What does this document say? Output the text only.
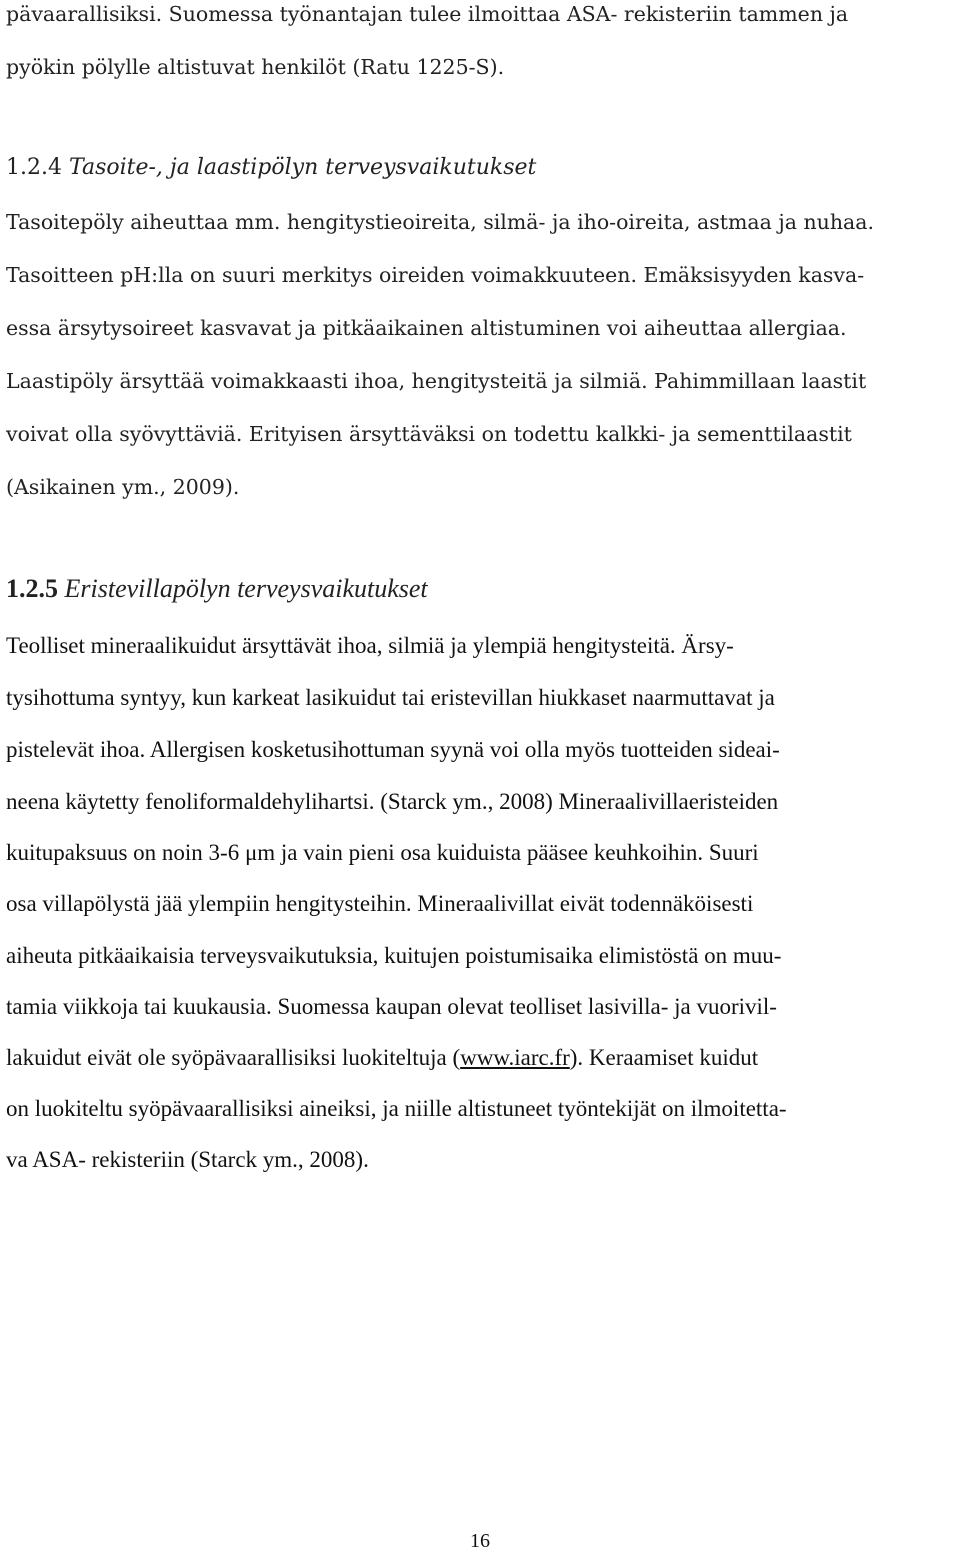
pävaarallisiksi. Suomessa työnantajan tulee ilmoittaa ASA- rekisteriin tammen ja
pyökin pölylle altistuvat henkilöt (Ratu 1225-S).
1.2.4 Tasoite-, ja laastipölyn terveysvaikutukset
Tasoitepöly aiheuttaa mm. hengitystieoireita, silmä- ja iho-oireita, astmaa ja nuhaa.
Tasoitteen pH:lla on suuri merkitys oireiden voimakkuuteen. Emäksisyyden kasva-
essa ärsytysoireet kasvavat ja pitkäaikainen altistuminen voi aiheuttaa allergiaa.
Laastipöly ärsyttää voimakkaasti ihoa, hengitysteitä ja silmiä. Pahimmillaan laastit
voivat olla syövyttäviä. Erityisen ärsyttäväksi on todettu kalkki- ja sementtilaastit
(Asikainen ym., 2009).
1.2.5 Eristevillapölyn terveysvaikutukset
Teolliset mineraalikuidut ärsyttävät ihoa, silmiä ja ylempiä hengitysteitä. Ärsy-
tysihottuma syntyy, kun karkeat lasikuidut tai eristevillan hiukkaset naarmuttavat ja
pistelevät ihoa. Allergisen kosketusihottuman syynä voi olla myös tuotteiden sideai-
neena käytetty fenoliformaldehylihartsi. (Starck ym., 2008) Mineraalivillaeristeiden
kuitupaksuus on noin 3-6 μm ja vain pieni osa kuiduista pääsee keuhkoihin. Suuri
osa villapölystä jää ylempiin hengitysteihin. Mineraalivillat eivät todennäköisesti
aiheuta pitkäaikaisia terveysvaikutuksia, kuitujen poistumisaika elimistöstä on muu-
tamia viikkoja tai kuukausia. Suomessa kaupan olevat teolliset lasivilla- ja vuorivil-
lakuidut eivät ole syöpävaarallisiksi luokiteltuja (www.iarc.fr). Keraamiset kuidut
on luokiteltu syöpävaarallisiksi aineiksi, ja niille altistuneet työntekijät on ilmoitetta-
va ASA- rekisteriin (Starck ym., 2008).
16
